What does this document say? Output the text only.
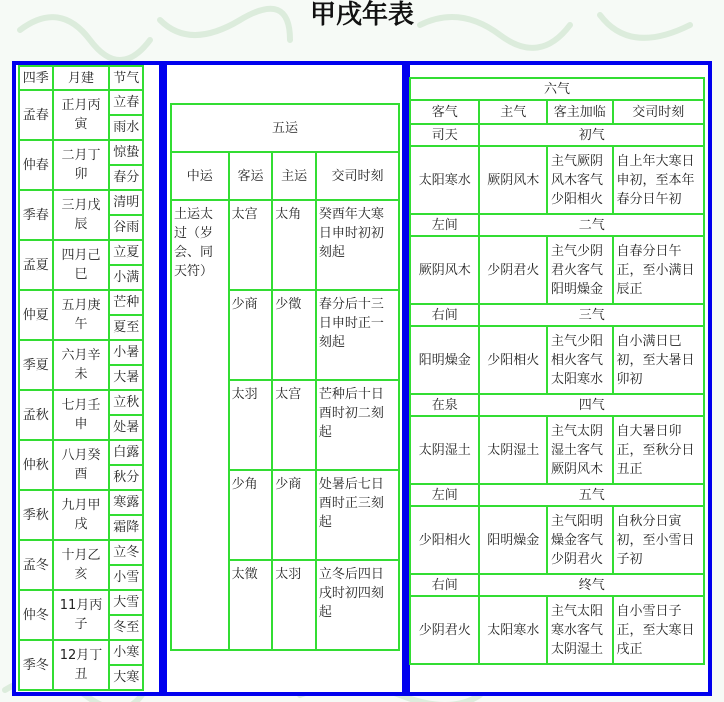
甲戌年表
四季	月建	节气
孟春	正月丙寅	立春
		雨水
仲春	二月丁卯	惊蛰
		春分
季春	三月戊辰	清明
		谷雨
孟夏	四月己巳	立夏
		小满
仲夏	五月庚午	芒种
		夏至
季夏	六月辛未	小暑
		大暑
孟秋	七月壬申	立秋
		处暑
仲秋	八月癸酉	白露
		秋分
季秋	九月甲戌	寒露
		霜降
孟冬	十月乙亥	立冬
		小雪
仲冬	11月丙子	大雪
		冬至
季冬	12月丁丑	小寒
		大寒
五运			
中运	客运	主运	交司时刻
土运太过（岁会、同天符）	太宫	太角	癸酉年大寒日申时初初刻起
	少商	少徵	春分后十三日申时正一刻起
	太羽	太宫	芒种后十日酉时初二刻起
	少角	少商	处暑后七日酉时正三刻起
	太徵	太羽	立冬后四日戌时初四刻起
六气			
客气	主气	客主加临	交司时刻
司天	初气		
太阳寒水	厥阴风木	主气厥阴风木客气少阳相火	自上年大寒日申初，至本年春分日午初
左间	二气		
厥阴风木	少阴君火	主气少阴君火客气阳明燥金	自春分日午正，至小满日辰正
右间	三气		
阳明燥金	少阳相火	主气少阳相火客气太阳寒水	自小满日巳初，至大暑日卯初
在泉	四气		
太阴湿土	太阴湿土	主气太阴湿土客气厥阴风木	自大暑日卯正，至秋分日丑正
左间	五气		
少阳相火	阳明燥金	主气阳明燥金客气少阴君火	自秋分日寅初，至小雪日子初
右间	终气		
少阴君火	太阳寒水	主气太阳寒水客气太阴湿土	自小雪日子正，至大寒日戌正
